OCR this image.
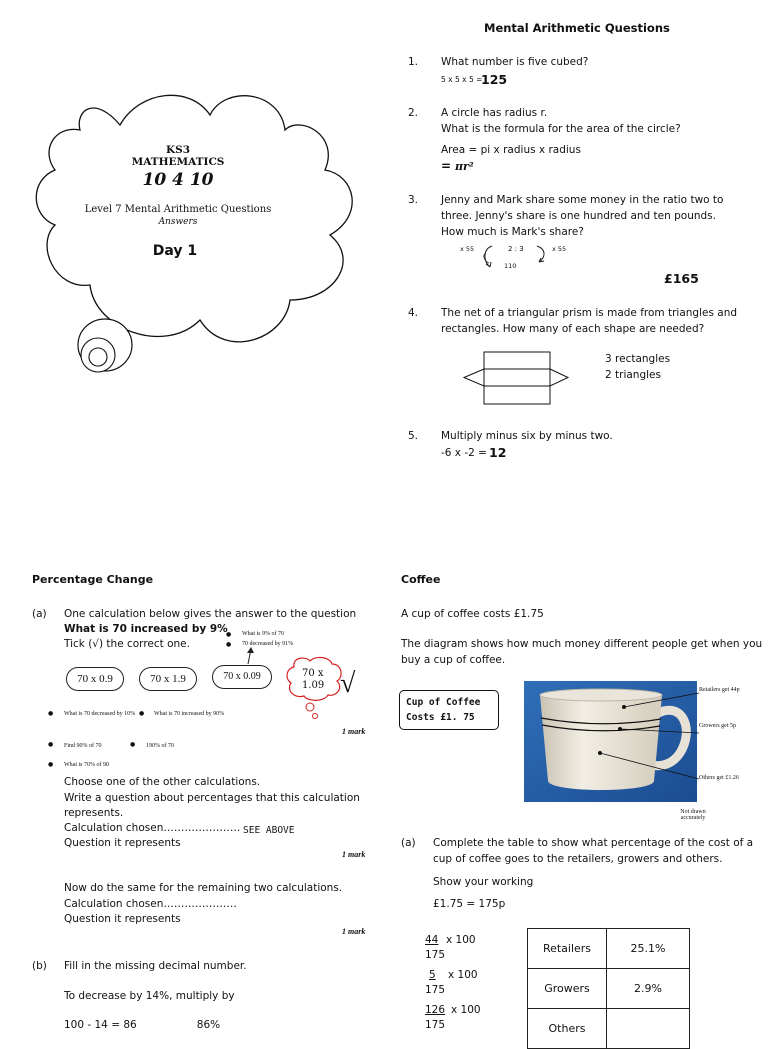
KS3 MATHEMATICS
10 4 10
Level 7 Mental Arithmetic Questions
Answers
Day 1
Mental Arithmetic Questions
1. What number is five cubed?
5 x 5 x 5 =
125
2. A circle has radius r.
What is the formula for the area of the circle?
Area = pi x radius x radius
= πr²
3. Jenny and Mark share some money in the ratio two to
three. Jenny's share is one hundred and ten pounds.
How much is Mark's share?
x 55	2 : 3	x 55
110
£165
4. The net of a triangular prism is made from triangles and
rectangles. How many of each shape are needed?
3 rectangles
2 triangles
5. Multiply minus six by minus two.
-6 x -2 = 12
Percentage Change
(a) One calculation below gives the answer to the question
What is 70 increased by 9%
Tick (√) the correct one.
● What is 9% of 70
● 70 decreased by 91%
70 x 0.9	70 x 1.9	70 x 0.09	70 x 1.09 √
● What is 70 decreased by 10% ● What is 70 increased by 90%
1 mark
● Find 90% of 70	● 190% of 70
● What is 70% of 90
Choose one of the other calculations.
Write a question about percentages that this calculation
represents.
Calculation chosen…………………. SEE ABOVE
Question it represents
1 mark
Now do the same for the remaining two calculations.
Calculation chosen…………………
Question it represents
1 mark
(b) Fill in the missing decimal number.
To decrease by 14%, multiply by
100 - 14 = 86                  86%
Coffee
A cup of coffee costs £1.75
The diagram shows how much money different people get when you
buy a cup of coffee.
Cup of Coffee
Costs £1. 75
Retailers get 44p
Growers get 5p
Others get £1.26
Not drawn accurately
(a) Complete the table to show what percentage of the cost of a
cup of coffee goes to the retailers, growers and others.
Show your working
£1.75 = 175p
44 x 100
175
5 x 100
175
126 x 100
175
Retailers	25.1%
Growers	2.9%
Others	
